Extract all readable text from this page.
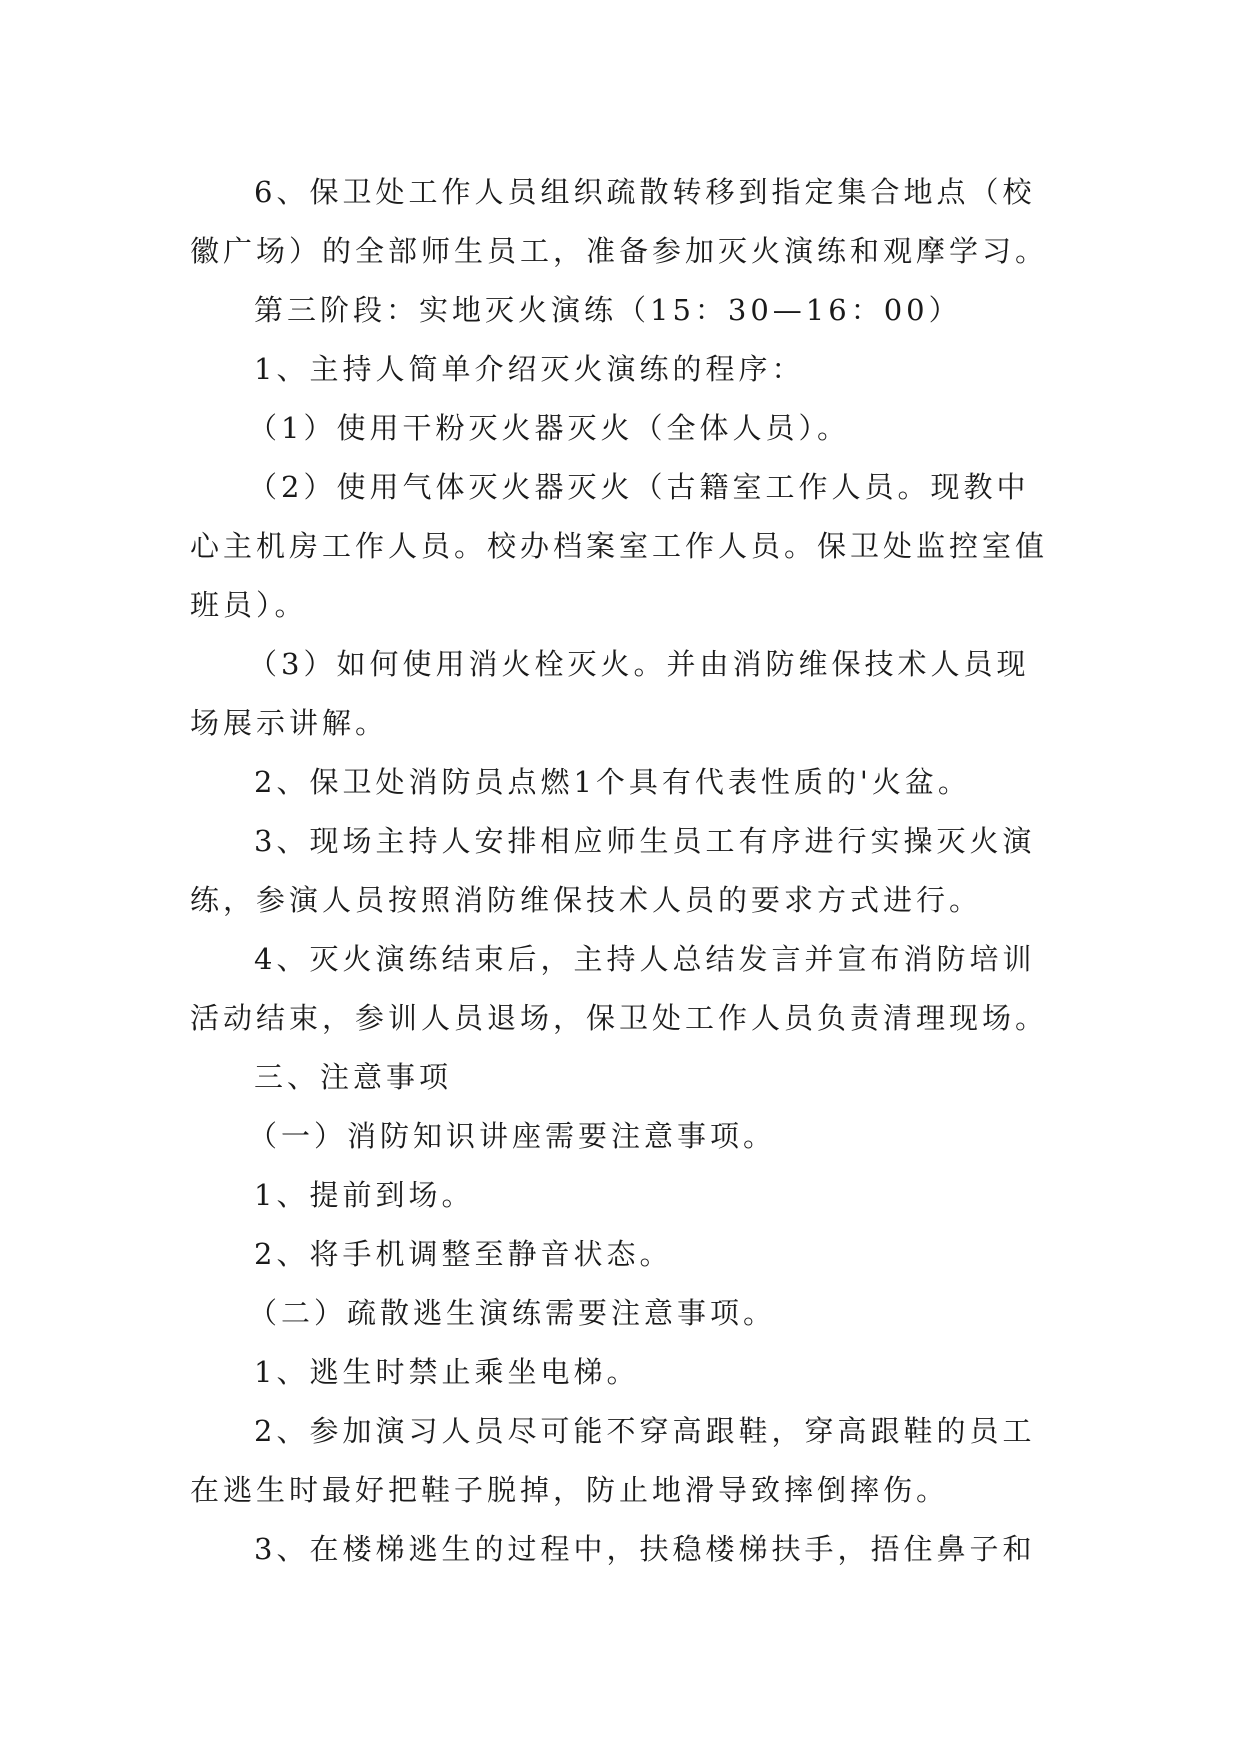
6、保卫处工作人员组织疏散转移到指定集合地点（校徽广场）的全部师生员工，准备参加灭火演练和观摩学习。

第三阶段：实地灭火演练（15：30—16：00）

1、主持人简单介绍灭火演练的程序：

（1）使用干粉灭火器灭火（全体人员）。

（2）使用气体灭火器灭火（古籍室工作人员。现教中心主机房工作人员。校办档案室工作人员。保卫处监控室值班员）。

（3）如何使用消火栓灭火。并由消防维保技术人员现场展示讲解。

2、保卫处消防员点燃1个具有代表性质的'火盆。

3、现场主持人安排相应师生员工有序进行实操灭火演练，参演人员按照消防维保技术人员的要求方式进行。

4、灭火演练结束后，主持人总结发言并宣布消防培训活动结束，参训人员退场，保卫处工作人员负责清理现场。

三、注意事项

（一）消防知识讲座需要注意事项。

1、提前到场。

2、将手机调整至静音状态。

（二）疏散逃生演练需要注意事项。

1、逃生时禁止乘坐电梯。

2、参加演习人员尽可能不穿高跟鞋，穿高跟鞋的员工在逃生时最好把鞋子脱掉，防止地滑导致摔倒摔伤。

3、在楼梯逃生的过程中，扶稳楼梯扶手，捂住鼻子和
